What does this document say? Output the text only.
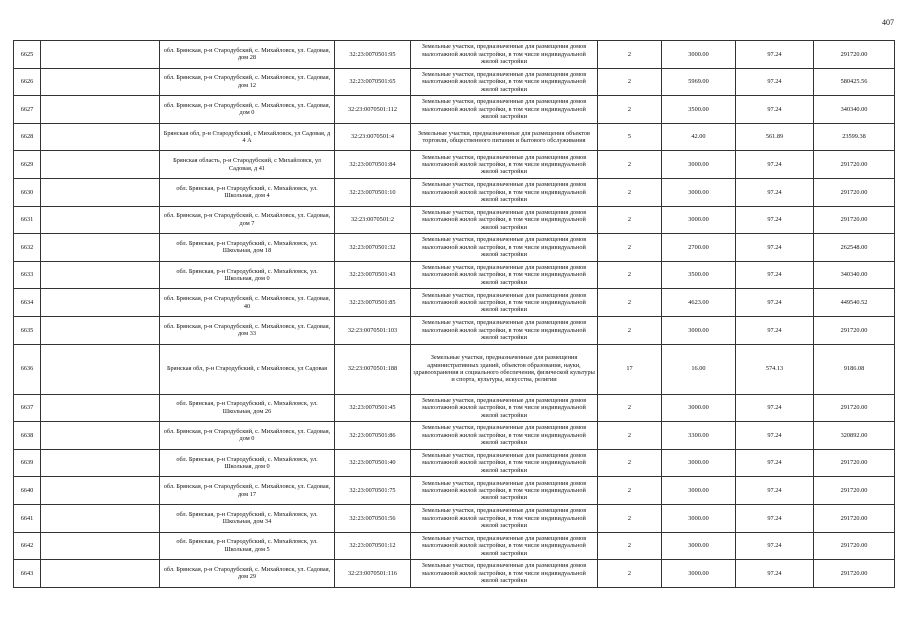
407
6625		обл. Брянская, р-н Стародубский, с. Михайловск, ул. Садовая, дом 28	32:23:0070501:95	Земельные участки, предназначенные для размещения домов малоэтажной жилой застройки, в том числе индивидуальной жилой застройки	2	3000.00	97.24	291720.00
6626		обл. Брянская, р-н Стародубский, с. Михайловск, ул. Садовая, дом 12	32:23:0070501:65	Земельные участки, предназначенные для размещения домов малоэтажной жилой застройки, в том числе индивидуальной жилой застройки	2	5969.00	97.24	580425.56
6627		обл. Брянская, р-н Стародубский, с. Михайловск, ул. Садовая, дом 0	32:23:0070501:112	Земельные участки, предназначенные для размещения домов малоэтажной жилой застройки, в том числе индивидуальной жилой застройки	2	3500.00	97.24	340340.00
6628		Брянская обл, р-н Стародубский, с Михайловск, ул Садовая, д 4 А	32:23:0070501:4	Земельные участки, предназначенные для размещения объектов торговли, общественного питания и бытового обслуживания	5	42.00	561.89	23599.38
6629		Брянская область, р-н Стародубский, с Михайловск, ул Садовая, д 41	32:23:0070501:84	Земельные участки, предназначенные для размещения домов малоэтажной жилой застройки, в том числе индивидуальной жилой застройки	2	3000.00	97.24	291720.00
6630		обл. Брянская, р-н Стародубский, с. Михайловск, ул. Школьная, дом 4	32:23:0070501:10	Земельные участки, предназначенные для размещения домов малоэтажной жилой застройки, в том числе индивидуальной жилой застройки	2	3000.00	97.24	291720.00
6631		обл. Брянская, р-н Стародубский, с. Михайловск, ул. Садовая, дом 7	32:23:0070501:2	Земельные участки, предназначенные для размещения домов малоэтажной жилой застройки, в том числе индивидуальной жилой застройки	2	3000.00	97.24	291720.00
6632		обл. Брянская, р-н Стародубский, с. Михайловск, ул. Школьная, дом 18	32:23:0070501:32	Земельные участки, предназначенные для размещения домов малоэтажной жилой застройки, в том числе индивидуальной жилой застройки	2	2700.00	97.24	262548.00
6633		обл. Брянская, р-н Стародубский, с. Михайловск, ул. Школьная, дом 0	32:23:0070501:43	Земельные участки, предназначенные для размещения домов малоэтажной жилой застройки, в том числе индивидуальной жилой застройки	2	3500.00	97.24	340340.00
6634		обл. Брянская, р-н Стародубский, с. Михайловск, ул. Садовая, 40	32:23:0070501:85	Земельные участки, предназначенные для размещения домов малоэтажной жилой застройки, в том числе индивидуальной жилой застройки	2	4623.00	97.24	449540.52
6635		обл. Брянская, р-н Стародубский, с. Михайловск, ул. Садовая, дом 33	32:23:0070501:103	Земельные участки, предназначенные для размещения домов малоэтажной жилой застройки, в том числе индивидуальной жилой застройки	2	3000.00	97.24	291720.00
6636		Брянская обл, р-н Стародубский, с Михайловск, ул Садовая	32:23:0070501:188	Земельные участки, предназначенные для размещения административных зданий, объектов образования, науки, здравоохранения и социального обеспечения, физической культуры и спорта, культуры, искусства, религии	17	16.00	574.13	9186.08
6637		обл. Брянская, р-н Стародубский, с. Михайловск, ул. Школьная, дом 26	32:23:0070501:45	Земельные участки, предназначенные для размещения домов малоэтажной жилой застройки, в том числе индивидуальной жилой застройки	2	3000.00	97.24	291720.00
6638		обл. Брянская, р-н Стародубский, с. Михайловск, ул. Садовая, дом 0	32:23:0070501:86	Земельные участки, предназначенные для размещения домов малоэтажной жилой застройки, в том числе индивидуальной жилой застройки	2	3300.00	97.24	320892.00
6639		обл. Брянская, р-н Стародубский, с. Михайловск, ул. Школьная, дом 0	32:23:0070501:40	Земельные участки, предназначенные для размещения домов малоэтажной жилой застройки, в том числе индивидуальной жилой застройки	2	3000.00	97.24	291720.00
6640		обл. Брянская, р-н Стародубский, с. Михайловск, ул. Садовая, дом 17	32:23:0070501:75	Земельные участки, предназначенные для размещения домов малоэтажной жилой застройки, в том числе индивидуальной жилой застройки	2	3000.00	97.24	291720.00
6641		обл. Брянская, р-н Стародубский, с. Михайловск, ул. Школьная, дом 34	32:23:0070501:56	Земельные участки, предназначенные для размещения домов малоэтажной жилой застройки, в том числе индивидуальной жилой застройки	2	3000.00	97.24	291720.00
6642		обл. Брянская, р-н Стародубский, с. Михайловск, ул. Школьная, дом 5	32:23:0070501:12	Земельные участки, предназначенные для размещения домов малоэтажной жилой застройки, в том числе индивидуальной жилой застройки	2	3000.00	97.24	291720.00
6643		обл. Брянская, р-н Стародубский, с. Михайловск, ул. Садовая, дом 29	32:23:0070501:116	Земельные участки, предназначенные для размещения домов малоэтажной жилой застройки, в том числе индивидуальной жилой застройки	2	3000.00	97.24	291720.00
